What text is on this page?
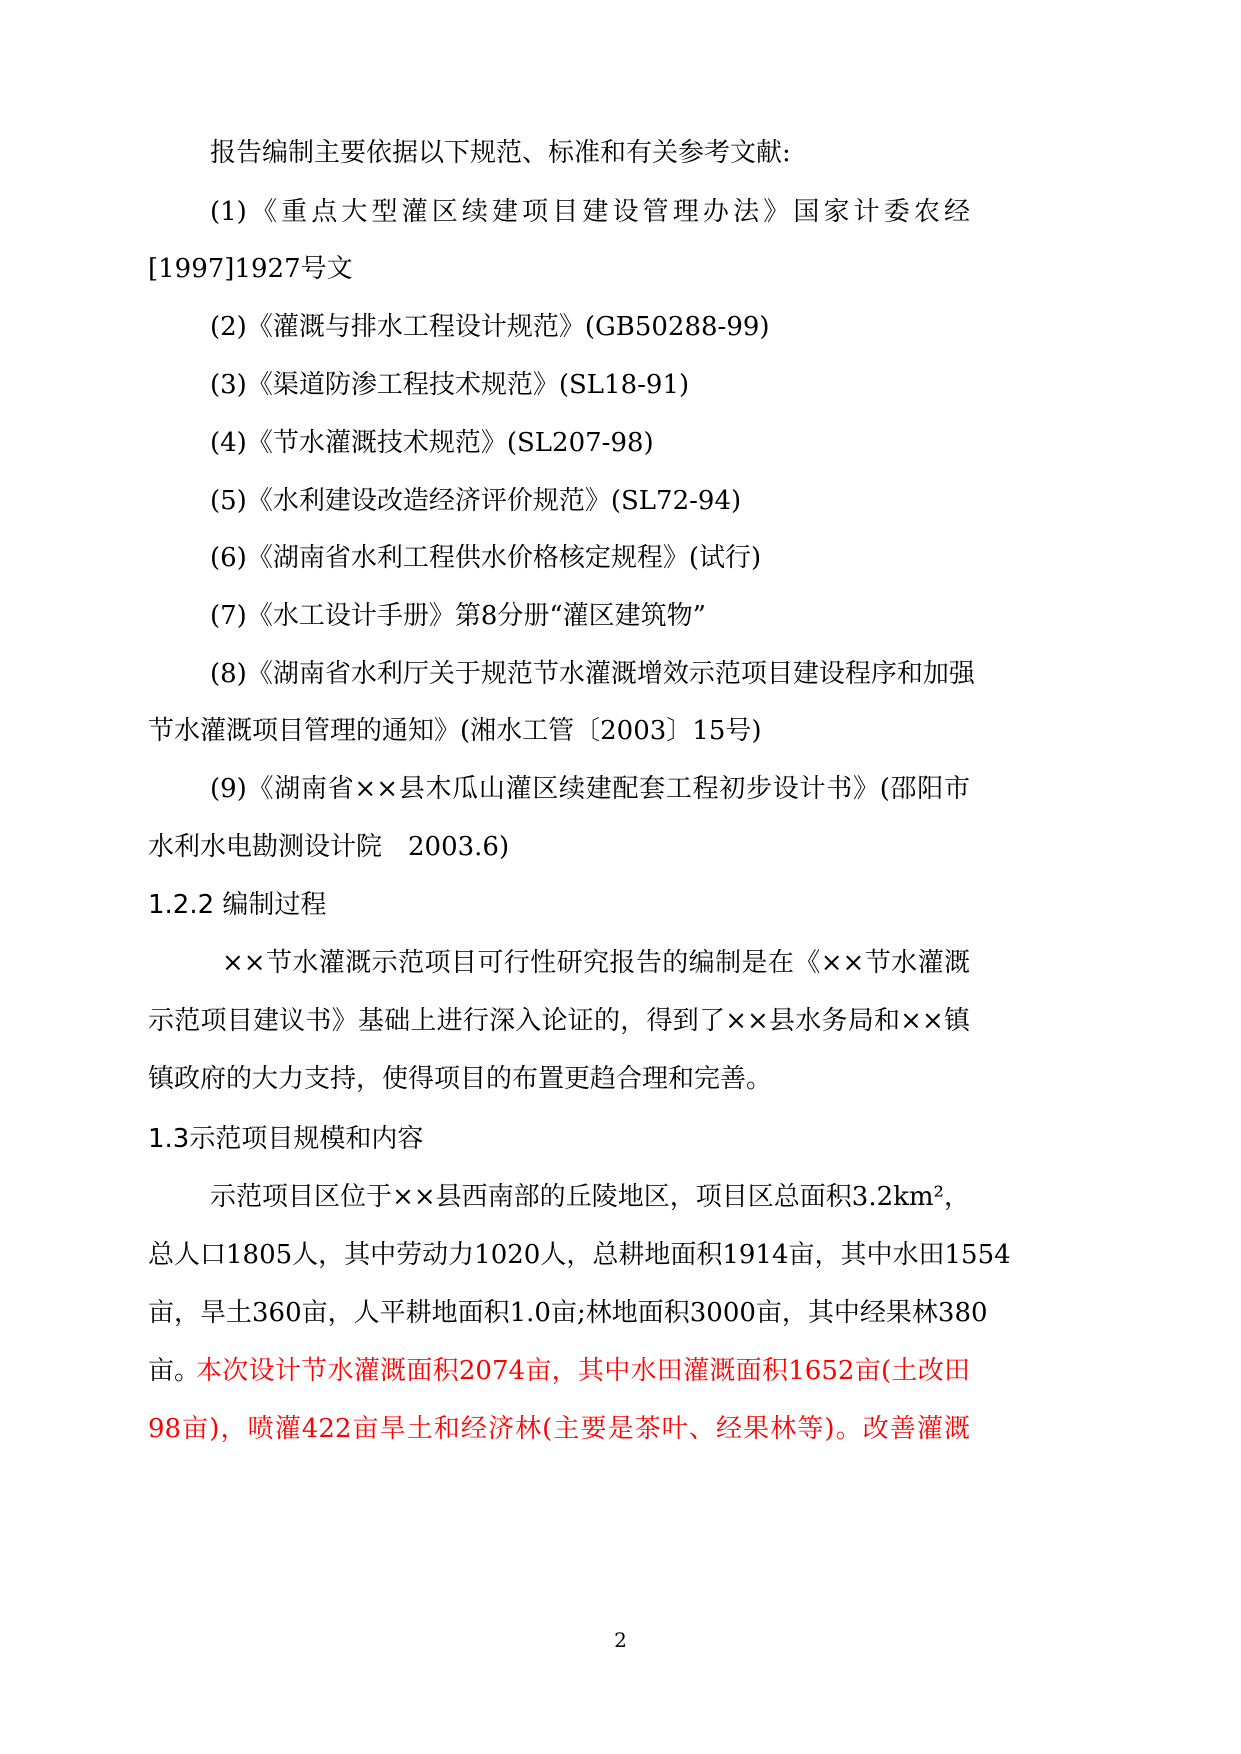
报告编制主要依据以下规范、标准和有关参考文献:
(1)《重点大型灌区续建项目建设管理办法》国家计委农经
[1997]1927号文
(2)《灌溉与排水工程设计规范》(GB50288-99)
(3)《渠道防渗工程技术规范》(SL18-91)
(4)《节水灌溉技术规范》(SL207-98)
(5)《水利建设改造经济评价规范》(SL72-94)
(6)《湖南省水利工程供水价格核定规程》(试行)
(7)《水工设计手册》第8分册“灌区建筑物”
(8)《湖南省水利厅关于规范节水灌溉增效示范项目建设程序和加强
节水灌溉项目管理的通知》(湘水工管〔2003〕15号)
(9)《湖南省××县木瓜山灌区续建配套工程初步设计书》(邵阳市
水利水电勘测设计院　2003.6)
1.2.2 编制过程
××节水灌溉示范项目可行性研究报告的编制是在《××节水灌溉
示范项目建议书》基础上进行深入论证的，得到了××县水务局和××镇
镇政府的大力支持，使得项目的布置更趋合理和完善。
1.3示范项目规模和内容
示范项目区位于××县西南部的丘陵地区，项目区总面积3.2km²，
总人口1805人，其中劳动力1020人，总耕地面积1914亩，其中水田1554
亩，旱土360亩，人平耕地面积1.0亩;林地面积3000亩，其中经果林380
亩。
本次设计节水灌溉面积2074亩，其中水田灌溉面积1652亩(土改田
98亩)，喷灌422亩旱土和经济林(主要是茶叶、经果林等)。改善灌溉
2
